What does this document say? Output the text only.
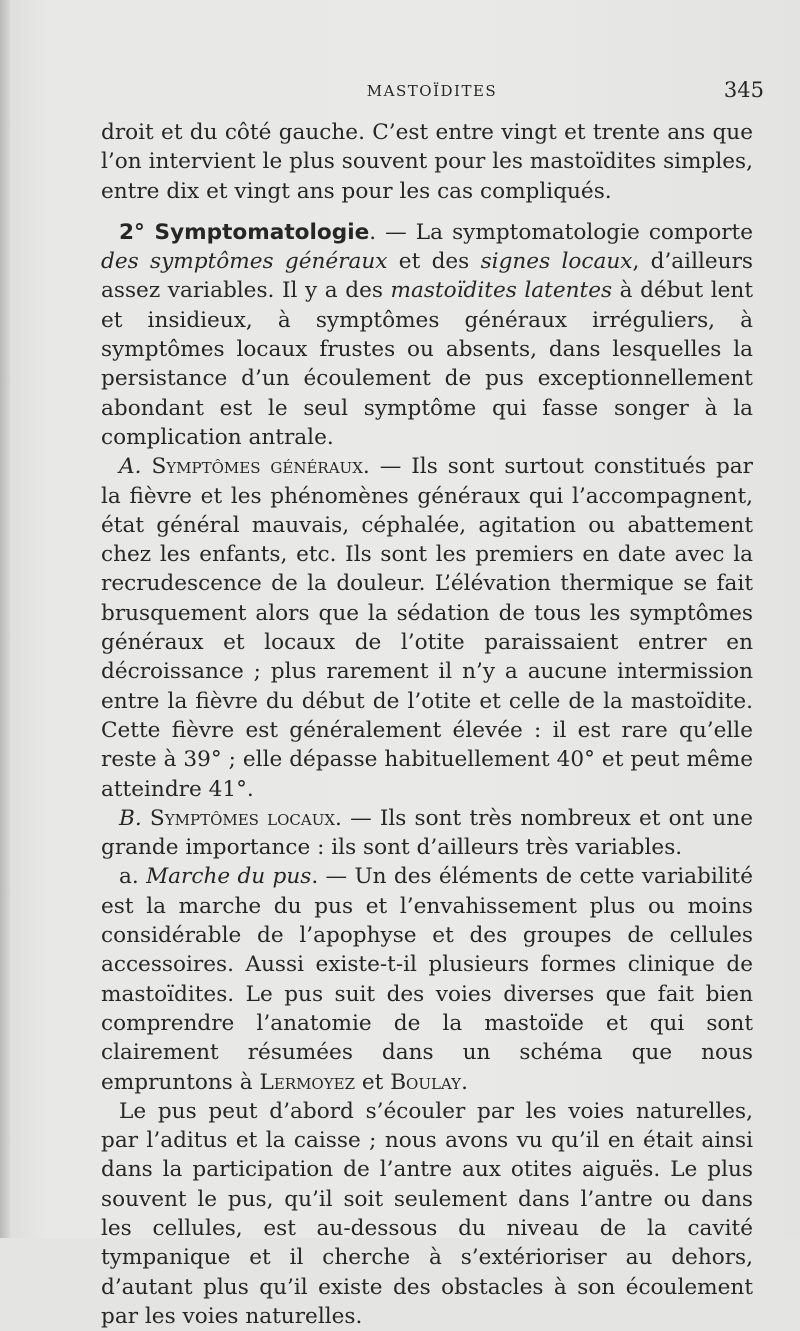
MASTOÏDITES	345

droit et du côté gauche. C’est entre vingt et trente ans que l’on intervient le plus souvent pour les mastoïdites simples, entre dix et vingt ans pour les cas compliqués.

2° Symptomatologie. — La symptomatologie comporte des symptômes généraux et des signes locaux, d’ailleurs assez variables. Il y a des mastoïdites latentes à début lent et insidieux, à symptômes généraux irréguliers, à symptômes locaux frustes ou absents, dans lesquelles la persistance d’un écoulement de pus exceptionnellement abondant est le seul symptôme qui fasse songer à la complication antrale.

A. Symptômes généraux. — Ils sont surtout constitués par la fièvre et les phénomènes généraux qui l’accompagnent, état général mauvais, céphalée, agitation ou abattement chez les enfants, etc. Ils sont les premiers en date avec la recrudescence de la douleur. L’élévation thermique se fait brusquement alors que la sédation de tous les symptômes généraux et locaux de l’otite paraissaient entrer en décroissance ; plus rarement il n’y a aucune intermission entre la fièvre du début de l’otite et celle de la mastoïdite. Cette fièvre est généralement élevée : il est rare qu’elle reste à 39° ; elle dépasse habituellement 40° et peut même atteindre 41°.

B. Symptômes locaux. — Ils sont très nombreux et ont une grande importance : ils sont d’ailleurs très variables.

a. Marche du pus. — Un des éléments de cette variabilité est la marche du pus et l’envahissement plus ou moins considérable de l’apophyse et des groupes de cellules accessoires. Aussi existe-t-il plusieurs formes clinique de mastoïdites. Le pus suit des voies diverses que fait bien comprendre l’anatomie de la mastoïde et qui sont clairement résumées dans un schéma que nous empruntons à Lermoyez et Boulay.

Le pus peut d’abord s’écouler par les voies naturelles, par l’aditus et la caisse ; nous avons vu qu’il en était ainsi dans la participation de l’antre aux otites aiguës. Le plus souvent le pus, qu’il soit seulement dans l’antre ou dans les cellules, est au-dessous du niveau de la cavité tympanique et il cherche à s’extérioriser au dehors, d’autant plus qu’il existe des obstacles à son écoulement par les voies naturelles.
